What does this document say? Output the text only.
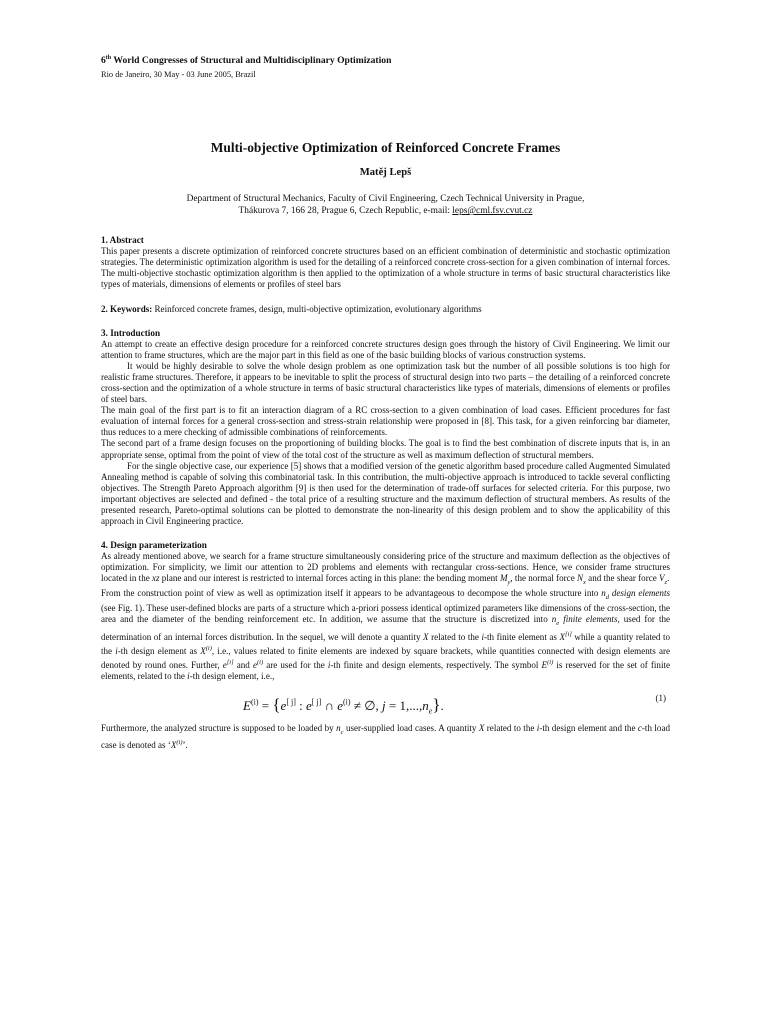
6th World Congresses of Structural and Multidisciplinary Optimization
Rio de Janeiro, 30 May - 03 June 2005, Brazil
Multi-objective Optimization of Reinforced Concrete Frames
Matěj Lepš
Department of Structural Mechanics, Faculty of Civil Engineering, Czech Technical University in Prague,
Thákurova 7, 166 28, Prague 6, Czech Republic, e-mail: leps@cml.fsv.cvut.cz
1. Abstract

This paper presents a discrete optimization of reinforced concrete structures based on an efficient combination of deterministic and stochastic optimization strategies. The deterministic optimization algorithm is used for the detailing of a reinforced concrete cross-section for a given combination of internal forces. The multi-objective stochastic optimization algorithm is then applied to the optimization of a whole structure in terms of basic structural characteristics like types of materials, dimensions of elements or profiles of steel bars

2. Keywords: Reinforced concrete frames, design, multi-objective optimization, evolutionary algorithms
3. Introduction

An attempt to create an effective design procedure for a reinforced concrete structures design goes through the history of Civil Engineering. We limit our attention to frame structures, which are the major part in this field as one of the basic building blocks of various construction systems.

It would be highly desirable to solve the whole design problem as one optimization task but the number of all possible solutions is too high for realistic frame structures. Therefore, it appears to be inevitable to split the process of structural design into two parts – the detailing of a reinforced concrete cross-section and the optimization of a whole structure in terms of basic structural characteristics like types of materials, dimensions of elements or profiles of steel bars.

The main goal of the first part is to fit an interaction diagram of a RC cross-section to a given combination of load cases. Efficient procedures for fast evaluation of internal forces for a general cross-section and stress-strain relationship were proposed in [8]. This task, for a given reinforcing bar diameter, thus reduces to a mere checking of admissible combinations of reinforcements.

The second part of a frame design focuses on the proportioning of building blocks. The goal is to find the best combination of discrete inputs that is, in an appropriate sense, optimal from the point of view of the total cost of the structure as well as maximum deflection of structural members.

For the single objective case, our experience [5] shows that a modified version of the genetic algorithm based procedure called Augmented Simulated Annealing method is capable of solving this combinatorial task. In this contribution, the multi-objective approach is introduced to tackle several conflicting objectives. The Strength Pareto Approach algorithm [9] is then used for the determination of trade-off surfaces for selected criteria. For this purpose, two important objectives are selected and defined - the total price of a resulting structure and the maximum deflection of structural members. As results of the presented research, Pareto-optimal solutions can be plotted to demonstrate the non-linearity of this design problem and to show the applicability of this approach in Civil Engineering practice.

4. Design parameterization

As already mentioned above, we search for a frame structure simultaneously considering price of the structure and maximum deflection as the objectives of optimization. For simplicity, we limit our attention to 2D problems and elements with rectangular cross-sections. Hence, we consider frame structures located in the xz plane and our interest is restricted to internal forces acting in this plane: the bending moment $M_y$, the normal force $N_x$ and the shear force $V_z$.

From the construction point of view as well as optimization itself it appears to be advantageous to decompose the whole structure into $n_d$ design elements (see Fig. 1). These user-defined blocks are parts of a structure which a-priori possess identical optimized parameters like dimensions of the cross-section, the area and the diameter of the bending reinforcement etc. In addition, we assume that the structure is discretized into $n_e$ finite elements, used for the determination of an internal forces distribution. In the sequel, we will denote a quantity X related to the i-th finite element as X[i] while a quantity related to the i-th design element as $X^{(i)}$, i.e., values related to finite elements are indexed by square brackets, while quantities connected with design elements are denoted by round ones. Further, e[i] and $e^{(i)}$ are used for the i-th finite and design elements, respectively. The symbol $E^{(i)}$ is reserved for the set of finite elements, related to the i-th design element, i.e.,

$E^{(i)} = \{e[ j]$ : e[ j] ∩ $e^{(i)}$ ≠ ∅, $j = 1,...,n_e$}.	(1)

Furthermore, the analyzed structure is supposed to be loaded by $n_c$ user-supplied load cases. A quantity X related to the i-th design element and the c-th load case is denoted as ‘$X^{(i)}$’.
